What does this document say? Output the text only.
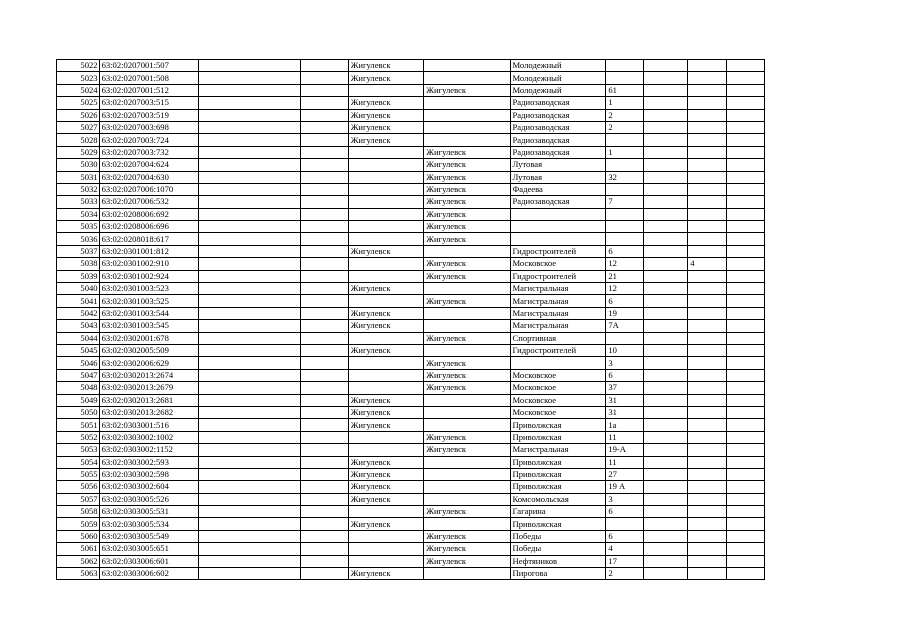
5022	63:02:0207001:507			Жигулевск		Молодежный				
5023	63:02:0207001:508			Жигулевск		Молодежный				
5024	63:02:0207001:512				Жигулевск	Молодежный	61			
5025	63:02:0207003:515			Жигулевск		Радиозаводская	1			
5026	63:02:0207003:519			Жигулевск		Радиозаводская	2			
5027	63:02:0207003:698			Жигулевск		Радиозаводская	2			
5028	63:02:0207003:724			Жигулевск		Радиозаводская				
5029	63:02:0207003:732				Жигулевск	Радиозаводская	1			
5030	63:02:0207004:624				Жигулевск	Лутовая				
5031	63:02:0207004:630				Жигулевск	Лутовая	32			
5032	63:02:0207006:1070				Жигулевск	Фадеева				
5033	63:02:0207006:532				Жигулевск	Радиозаводская	7			
5034	63:02:0208006:692				Жигулевск					
5035	63:02:0208006:696				Жигулевск					
5036	63:02:0208018:617				Жигулевск					
5037	63:02:0301001:812			Жигулевск		Гидростроителей	6			
5038	63:02:0301002:910				Жигулевск	Московское	12		4	
5039	63:02:0301002:924				Жигулевск	Гидростроителей	21			
5040	63:02:0301003:523			Жигулевск		Магистральная	12			
5041	63:02:0301003:525				Жигулевск	Магистральная	6			
5042	63:02:0301003:544			Жигулевск		Магистральная	19			
5043	63:02:0301003:545			Жигулевск		Магистральная	7А			
5044	63:02:0302001:678				Жигулевск	Спортивная				
5045	63:02:0302005:509			Жигулевск		Гидростроителей	10			
5046	63:02:0302006:629				Жигулевск		3			
5047	63:02:0302013:2674				Жигулевск	Московское	6			
5048	63:02:0302013:2679				Жигулевск	Московское	37			
5049	63:02:0302013:2681			Жигулевск		Московское	31			
5050	63:02:0302013:2682			Жигулевск		Московское	31			
5051	63:02:0303001:516			Жигулевск		Приволжская	1а			
5052	63:02:0303002:1002				Жигулевск	Приволжская	11			
5053	63:02:0303002:1152				Жигулевск	Магистральная	19-А			
5054	63:02:0303002:593			Жигулевск		Приволжская	11			
5055	63:02:0303002:598			Жигулевск		Приволжская	27			
5056	63:02:0303002:604			Жигулевск		Приволжская	19 А			
5057	63:02:0303005:526			Жигулевск		Комсомольская	3			
5058	63:02:0303005:531				Жигулевск	Гагарина	6			
5059	63:02:0303005:534			Жигулевск		Приволжская				
5060	63:02:0303005:549				Жигулевск	Победы	6			
5061	63:02:0303005:651				Жигулевск	Победы	4			
5062	63:02:0303006:601				Жигулевск	Нефтяников	17			
5063	63:02:0303006:602			Жигулевск		Пирогова	2			
